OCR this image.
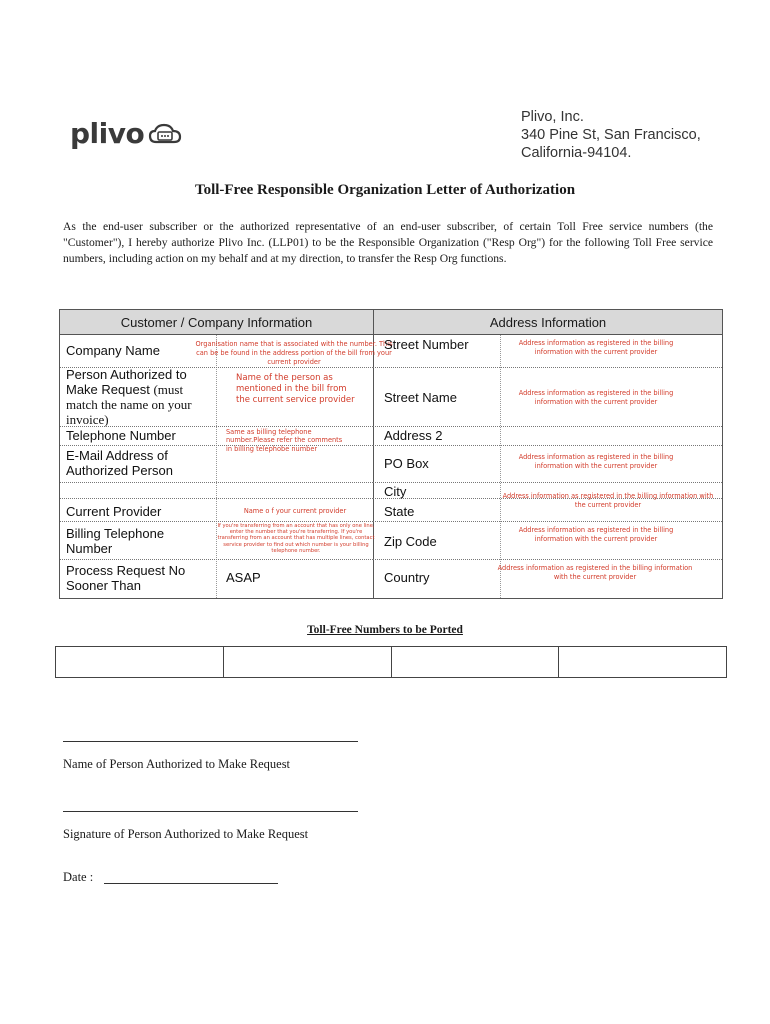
plivo	Plivo, Inc.
340 Pine St, San Francisco,
California-94104.
Toll-Free Responsible Organization Letter of Authorization
As the end-user subscriber or the authorized representative of an end-user subscriber, of certain Toll Free service numbers (the "Customer"), I hereby authorize Plivo Inc. (LLP01) to be the Responsible Organization ("Resp Org") for the following Toll Free service numbers, including action on my behalf and at my direction, to transfer the Resp Org functions.
Customer / Company Information	Address Information
Company Name
Person Authorized to Make Request (must match the name on your invoice)
Telephone Number
E-Mail Address of Authorized Person
Current Provider
Billing Telephone Number
Process Request No Sooner Than
Organisation name that is associated with the number. This can be be found in the address portion of the bill from your current provider
Name of the person as mentioned in the bill from the current service provider
Same as billing telephone number.Please refer the comments in billing telephobe number
Name o f your current provider
If you're transferring from an account that has only one line, enter the number that you're transferring. If you're transferring from an account that has multiple lines, contact service provider to find out which number is your billing telephone number.
ASAP
Street Number
Street Name
Address 2
PO Box
City
State
Zip Code
Country
Address information as registered in the billing information with the current provider
Address information as registered in the billing information with the current provider
Address information as registered in the billing information with the current provider
Address information as registered in the billing information with the current provider
Address information as registered in the billing information with the current provider
Address information as registered in the billing information with the current provider
Toll-Free Numbers to be Ported
Name of Person Authorized to Make Request
Signature of Person Authorized to Make Request
Date :
